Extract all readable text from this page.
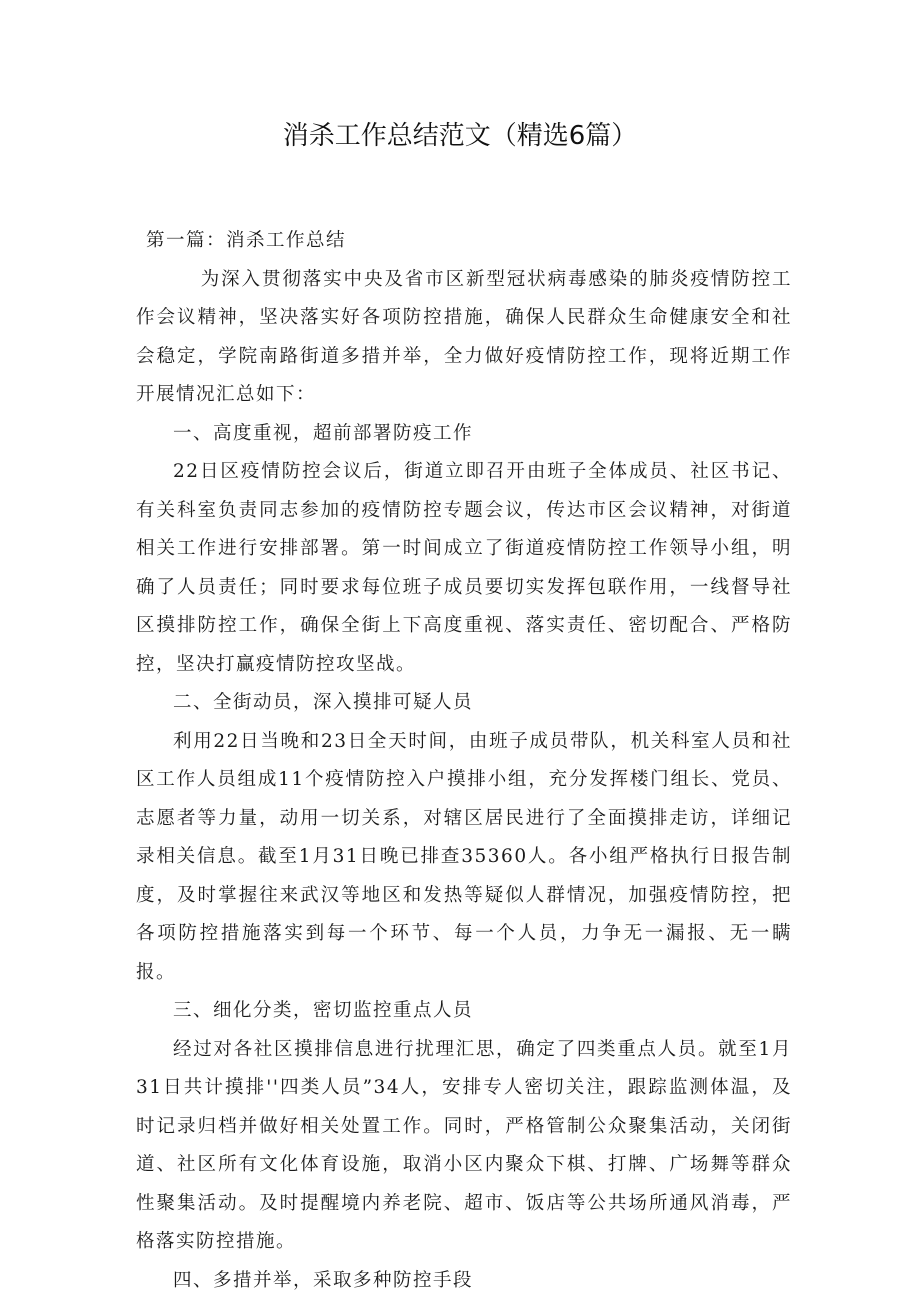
消杀工作总结范文（精选6篇）

第一篇：消杀工作总结

为深入贯彻落实中央及省市区新型冠状病毒感染的肺炎疫情防控工作会议精神，坚决落实好各项防控措施，确保人民群众生命健康安全和社会稳定，学院南路街道多措并举，全力做好疫情防控工作，现将近期工作开展情况汇总如下：

一、高度重视，超前部署防疫工作

22日区疫情防控会议后，街道立即召开由班子全体成员、社区书记、有关科室负责同志参加的疫情防控专题会议，传达市区会议精神，对街道相关工作进行安排部署。第一时间成立了街道疫情防控工作领导小组，明确了人员责任；同时要求每位班子成员要切实发挥包联作用，一线督导社区摸排防控工作，确保全街上下高度重视、落实责任、密切配合、严格防控，坚决打赢疫情防控攻坚战。

二、全街动员，深入摸排可疑人员

利用22日当晚和23日全天时间，由班子成员带队，机关科室人员和社区工作人员组成11个疫情防控入户摸排小组，充分发挥楼门组长、党员、志愿者等力量，动用一切关系，对辖区居民进行了全面摸排走访，详细记录相关信息。截至1月31日晚已排查35360人。各小组严格执行日报告制度，及时掌握往来武汉等地区和发热等疑似人群情况，加强疫情防控，把各项防控措施落实到每一个环节、每一个人员，力争无一漏报、无一瞒报。

三、细化分类，密切监控重点人员

经过对各社区摸排信息进行扰理汇思，确定了四类重点人员。就至1月31日共计摸排''四类人员”34人，安排专人密切关注，跟踪监测体温，及时记录归档并做好相关处置工作。同时，严格管制公众聚集活动，关闭街道、社区所有文化体育设施，取消小区内聚众下棋、打牌、广场舞等群众性聚集活动。及时提醒境内养老院、超市、饭店等公共场所通风消毒，严格落实防控措施。

四、多措并举，采取多种防控手段
